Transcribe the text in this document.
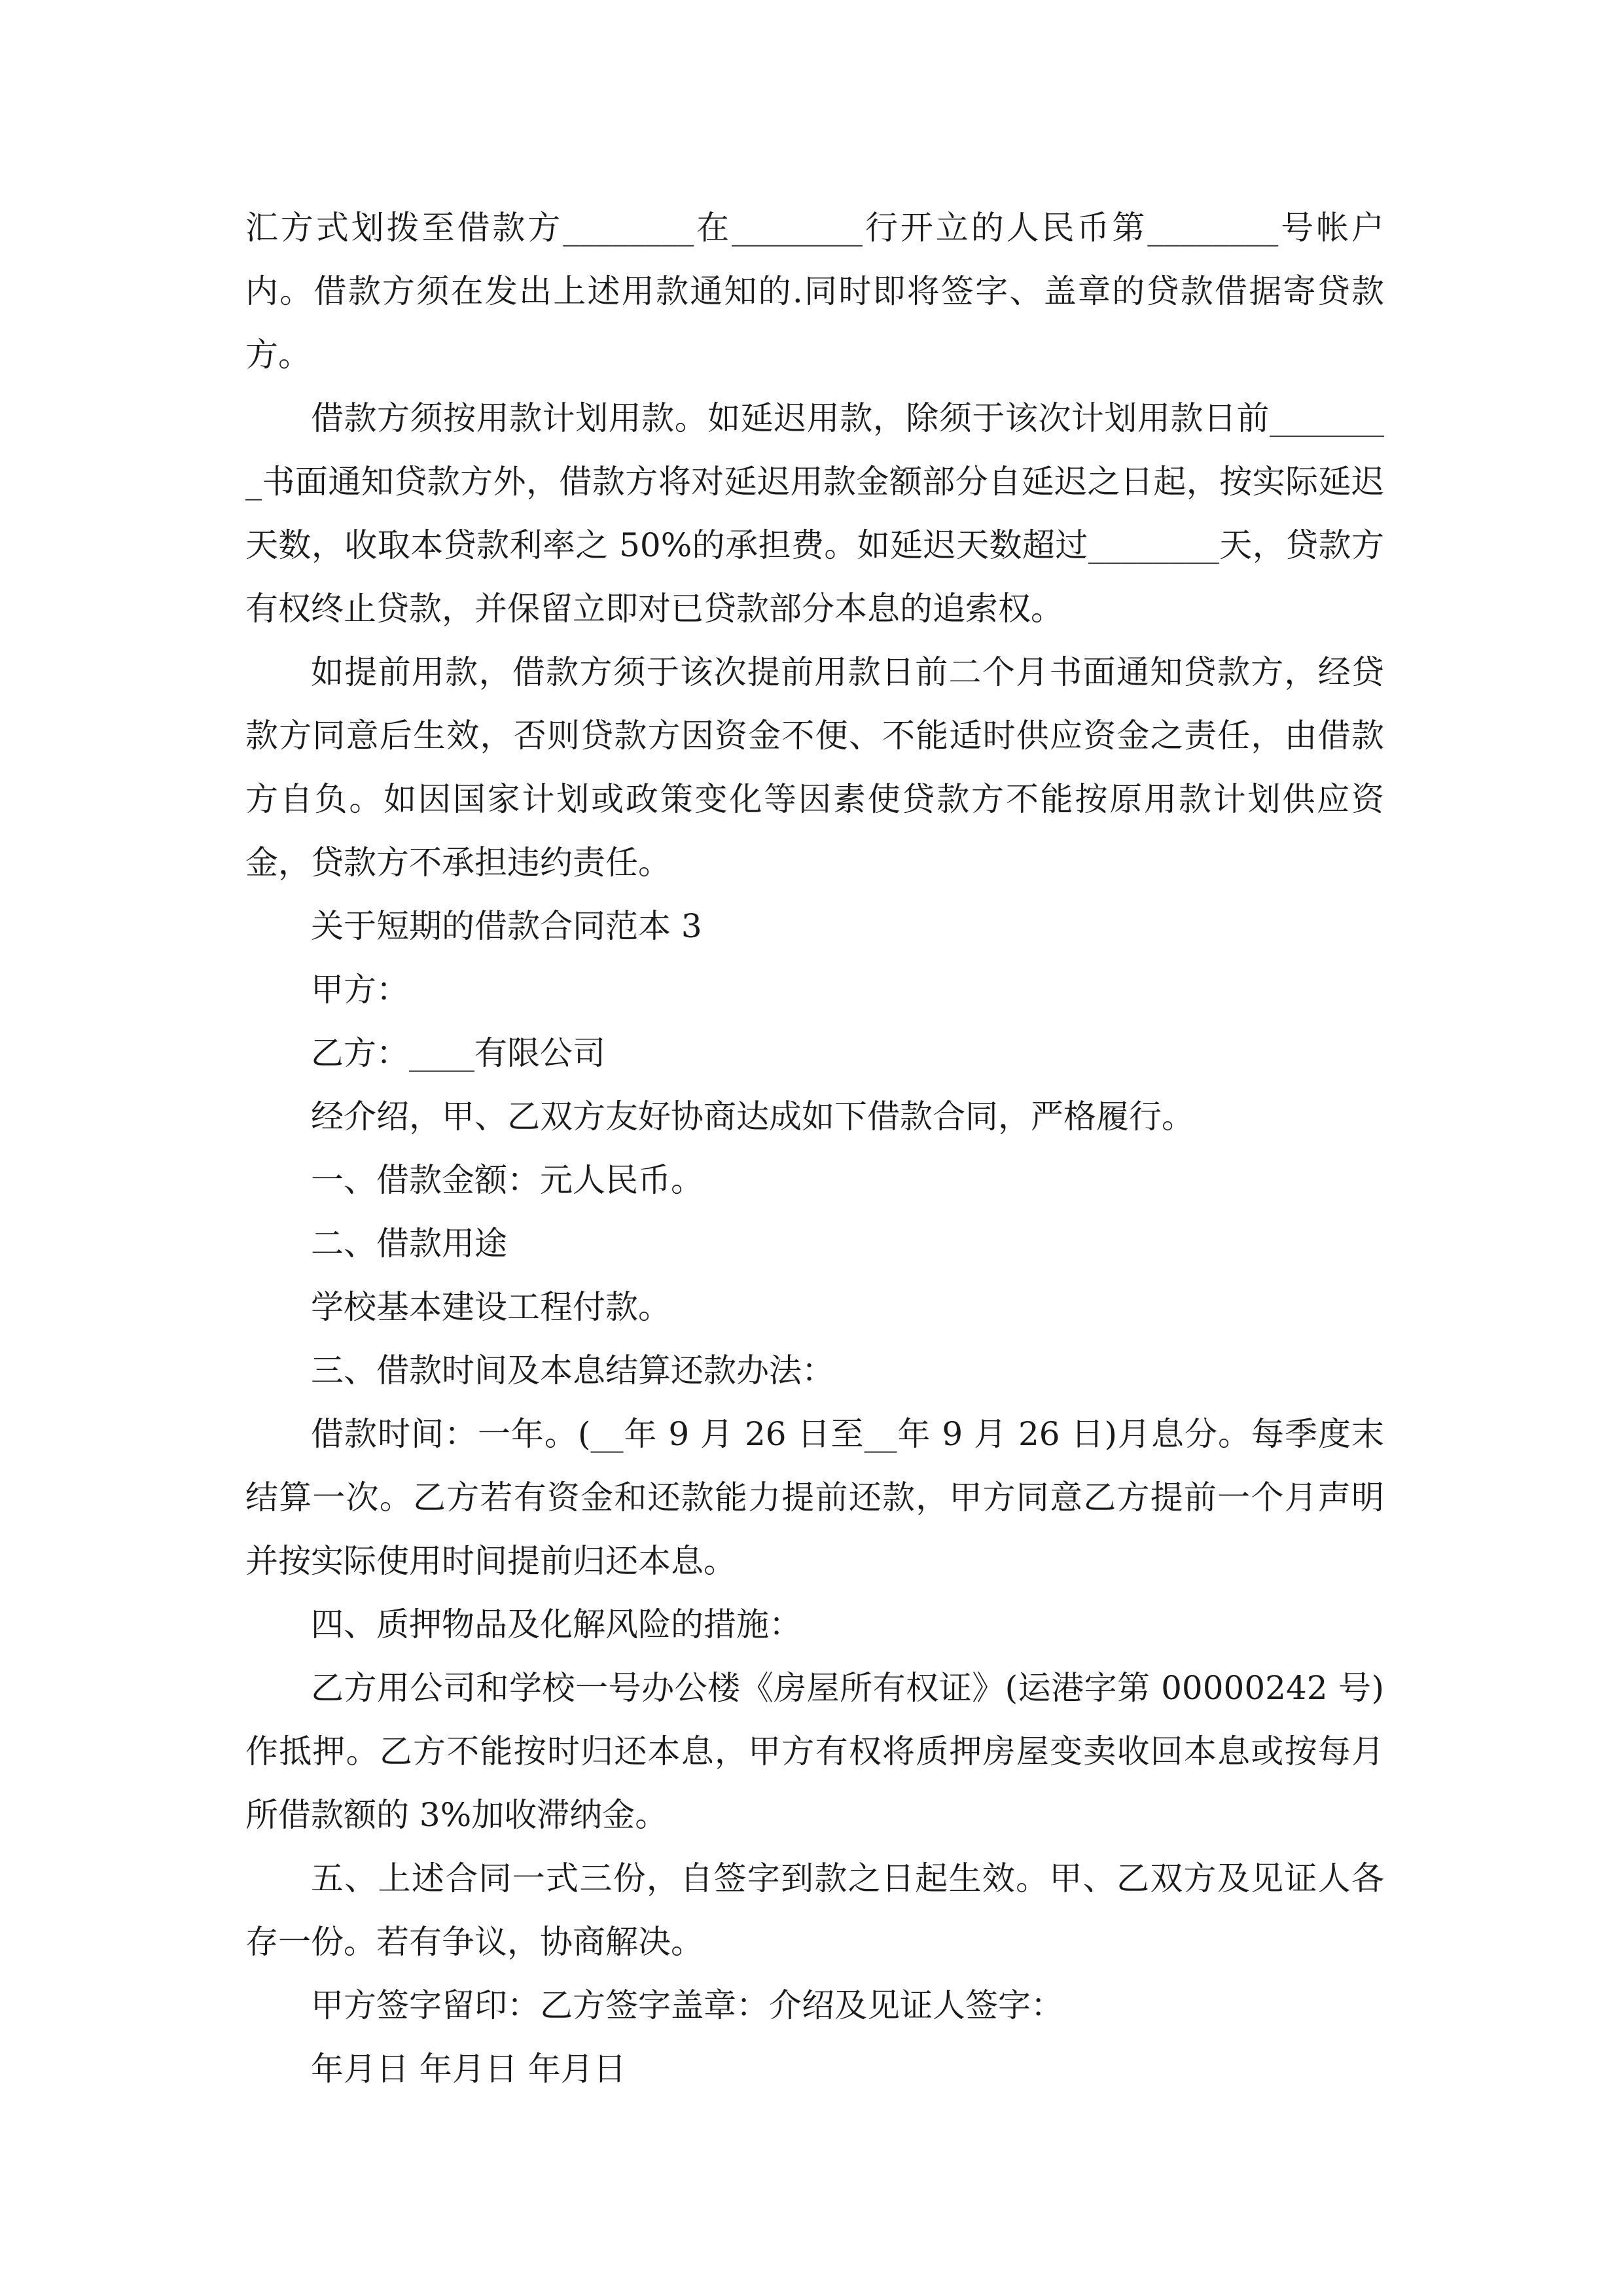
汇方式划拨至借款方________在________行开立的人民币第________号帐户内。借款方须在发出上述用款通知的.同时即将签字、盖章的贷款借据寄贷款方。

借款方须按用款计划用款。如延迟用款，除须于该次计划用款日前________书面通知贷款方外，借款方将对延迟用款金额部分自延迟之日起，按实际延迟天数，收取本贷款利率之 50%的承担费。如延迟天数超过________天，贷款方有权终止贷款，并保留立即对已贷款部分本息的追索权。

如提前用款，借款方须于该次提前用款日前二个月书面通知贷款方，经贷款方同意后生效，否则贷款方因资金不便、不能适时供应资金之责任，由借款方自负。如因国家计划或政策变化等因素使贷款方不能按原用款计划供应资金，贷款方不承担违约责任。

关于短期的借款合同范本 3

甲方：

乙方：____有限公司

经介绍，甲、乙双方友好协商达成如下借款合同，严格履行。

一、借款金额：元人民币。

二、借款用途

学校基本建设工程付款。

三、借款时间及本息结算还款办法：

借款时间：一年。(__年 9 月 26 日至__年 9 月 26 日)月息分。每季度末结算一次。乙方若有资金和还款能力提前还款，甲方同意乙方提前一个月声明并按实际使用时间提前归还本息。

四、质押物品及化解风险的措施：

乙方用公司和学校一号办公楼《房屋所有权证》(运港字第 00000242 号)作抵押。乙方不能按时归还本息，甲方有权将质押房屋变卖收回本息或按每月所借款额的 3%加收滞纳金。

五、上述合同一式三份，自签字到款之日起生效。甲、乙双方及见证人各存一份。若有争议，协商解决。

甲方签字留印：乙方签字盖章：介绍及见证人签字：

年月日 年月日 年月日
